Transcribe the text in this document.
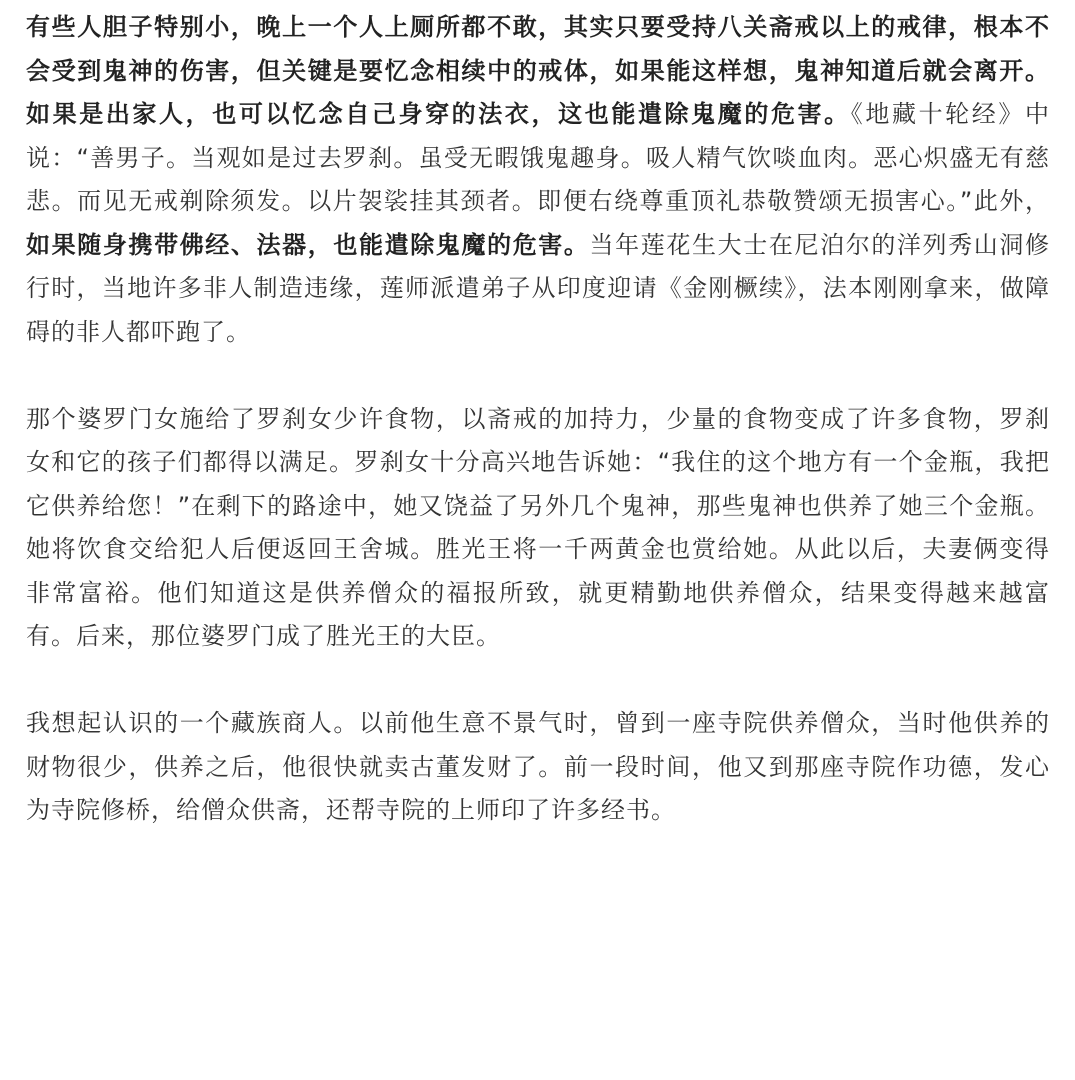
有些人胆子特别小，晚上一个人上厕所都不敢，其实只要受持八关斋戒以上的戒律，根本不会受到鬼神的伤害，但关键是要忆念相续中的戒体，如果能这样想，鬼神知道后就会离开。如果是出家人，也可以忆念自己身穿的法衣，这也能遣除鬼魔的危害。《地藏十轮经》中说：“善男子。当观如是过去罗刹。虽受无暇饿鬼趣身。吸人精气饮啖血肉。恶心炽盛无有慈悲。而见无戒剃除须发。以片袈裟挂其颈者。即便右绕尊重顶礼恭敬赞颂无损害心。”此外，如果随身携带佛经、法器，也能遣除鬼魔的危害。当年莲花生大士在尼泊尔的洋列秀山洞修行时，当地许多非人制造违缘，莲师派遣弟子从印度迎请《金刚橛续》，法本刚刚拿来，做障碍的非人都吓跑了。

那个婆罗门女施给了罗刹女少许食物，以斋戒的加持力，少量的食物变成了许多食物，罗刹女和它的孩子们都得以满足。罗刹女十分高兴地告诉她：“我住的这个地方有一个金瓶，我把它供养给您！”在剩下的路途中，她又饶益了另外几个鬼神，那些鬼神也供养了她三个金瓶。她将饮食交给犯人后便返回王舍城。胜光王将一千两黄金也赏给她。从此以后，夫妻俩变得非常富裕。他们知道这是供养僧众的福报所致，就更精勤地供养僧众，结果变得越来越富有。后来，那位婆罗门成了胜光王的大臣。

我想起认识的一个藏族商人。以前他生意不景气时，曾到一座寺院供养僧众，当时他供养的财物很少，供养之后，他很快就卖古董发财了。前一段时间，他又到那座寺院作功德，发心为寺院修桥，给僧众供斋，还帮寺院的上师印了许多经书。
